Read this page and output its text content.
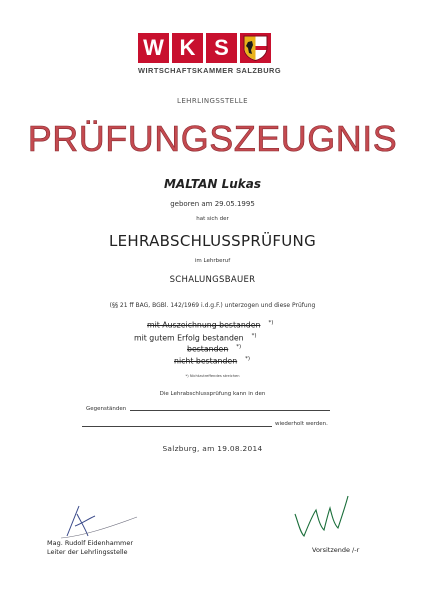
W K S
WIRTSCHAFTSKAMMER SALZBURG
LEHRLINGSSTELLE
PRÜFUNGSZEUGNIS
MALTAN Lukas
geboren am 29.05.1995
hat sich der
LEHRABSCHLUSSPRÜFUNG
im Lehrberuf
SCHALUNGSBAUER
(§§ 21 ff BAG, BGBl. 142/1969 i.d.g.F.) unterzogen und diese Prüfung
mit Auszeichnung bestanden *)
mit gutem Erfolg bestanden *)
bestanden *)
nicht bestanden *)
*) Nichtzutreffendes streichen
Die Lehrabschlussprüfung kann in den
Gegenständen
wiederholt werden.
Salzburg, am 19.08.2014
Mag. Rudolf Eidenhammer
Leiter der Lehrlingsstelle	Vorsitzende /-r
